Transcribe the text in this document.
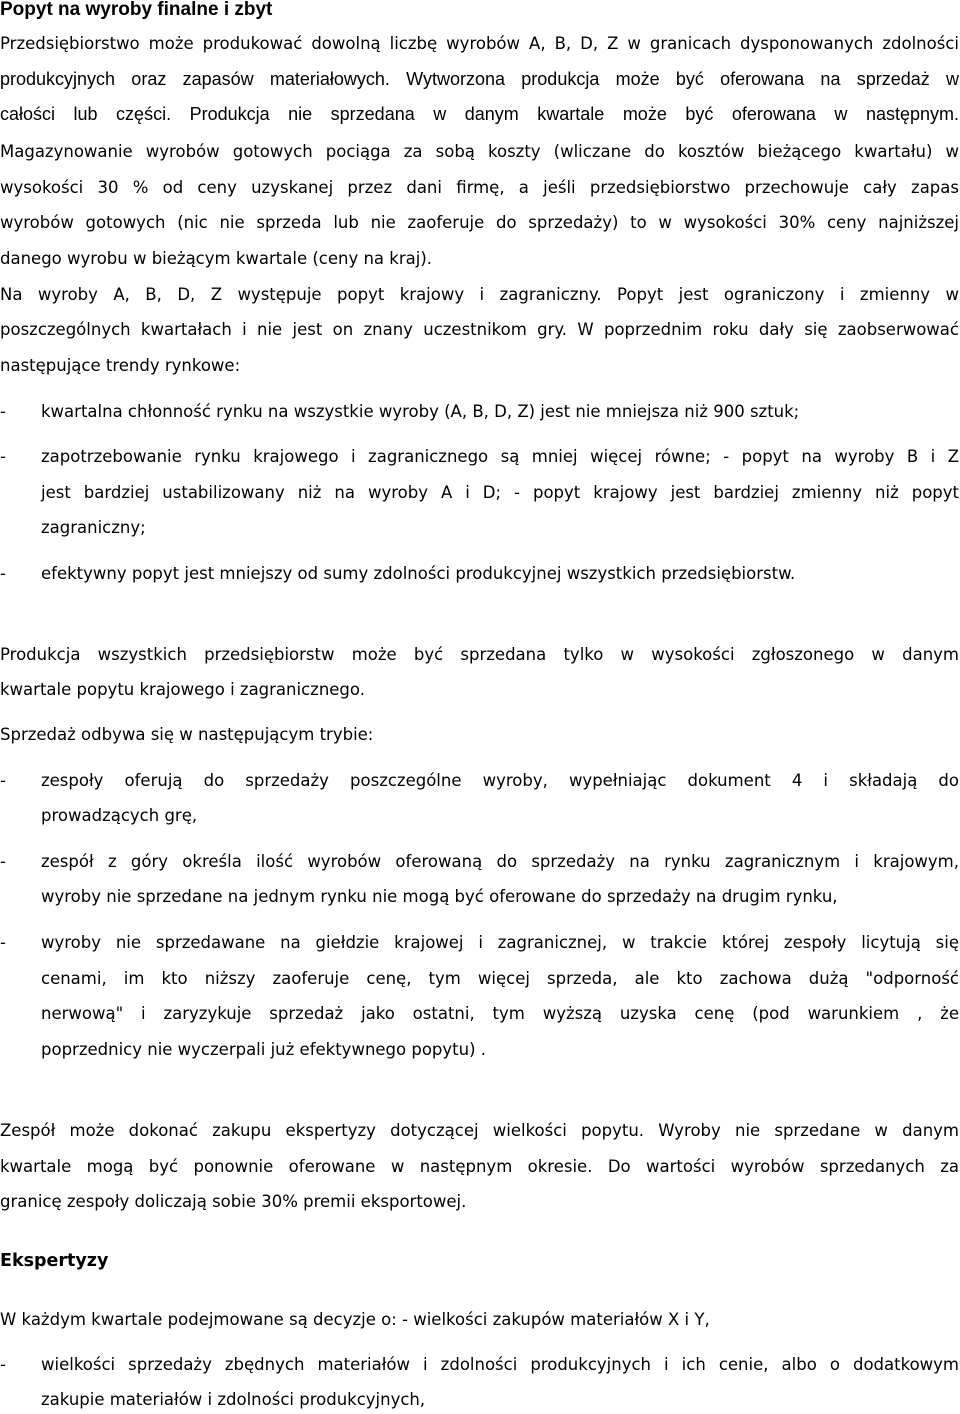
Popyt na wyroby finalne i zbyt
Przedsiębiorstwo może produkować dowolną liczbę wyrobów A, B, D, Z w granicach dysponowanych zdolności
produkcyjnych oraz zapasów materiałowych. Wytworzona produkcja może być oferowana na sprzedaż w
całości lub części. Produkcja nie sprzedana w danym kwartale może być oferowana w następnym.
Magazynowanie wyrobów gotowych pociąga za sobą koszty (wliczane do kosztów bieżącego kwartału) w
wysokości 30 % od ceny uzyskanej przez dani firmę, a jeśli przedsiębiorstwo przechowuje cały zapas
wyrobów gotowych (nic nie sprzeda lub nie zaoferuje do sprzedaży) to w wysokości 30% ceny najniższej
danego wyrobu w bieżącym kwartale (ceny na kraj).
Na wyroby A, B, D, Z występuje popyt krajowy i zagraniczny. Popyt jest ograniczony i zmienny w
poszczególnych kwartałach i nie jest on znany uczestnikom gry. W poprzednim roku dały się zaobserwować
następujące trendy rynkowe:
- kwartalna chłonność rynku na wszystkie wyroby (A, B, D, Z) jest nie mniejsza niż 900 sztuk;
- zapotrzebowanie rynku krajowego i zagranicznego są mniej więcej równe; - popyt na wyroby B i Z
jest bardziej ustabilizowany niż na wyroby A i D; - popyt krajowy jest bardziej zmienny niż popyt
zagraniczny;
- efektywny popyt jest mniejszy od sumy zdolności produkcyjnej wszystkich przedsiębiorstw.
Produkcja wszystkich przedsiębiorstw może być sprzedana tylko w wysokości zgłoszonego w danym
kwartale popytu krajowego i zagranicznego.
Sprzedaż odbywa się w następującym trybie:
- zespoły oferują do sprzedaży poszczególne wyroby, wypełniając dokument 4 i składają do
prowadzących grę,
- zespół z góry określa ilość wyrobów oferowaną do sprzedaży na rynku zagranicznym i krajowym,
wyroby nie sprzedane na jednym rynku nie mogą być oferowane do sprzedaży na drugim rynku,
- wyroby nie sprzedawane na giełdzie krajowej i zagranicznej, w trakcie której zespoły licytują się
cenami, im kto niższy zaoferuje cenę, tym więcej sprzeda, ale kto zachowa dużą "odporność
nerwową" i zaryzykuje sprzedaż jako ostatni, tym wyższą uzyska cenę (pod warunkiem , że
poprzednicy nie wyczerpali już efektywnego popytu) .
Zespół może dokonać zakupu ekspertyzy dotyczącej wielkości popytu. Wyroby nie sprzedane w danym
kwartale mogą być ponownie oferowane w następnym okresie. Do wartości wyrobów sprzedanych za
granicę zespoły doliczają sobie 30% premii eksportowej.
Ekspertyzy
W każdym kwartale podejmowane są decyzje o: - wielkości zakupów materiałów X i Y,
- wielkości sprzedaży zbędnych materiałów i zdolności produkcyjnych i ich cenie, albo o dodatkowym
zakupie materiałów i zdolności produkcyjnych,
